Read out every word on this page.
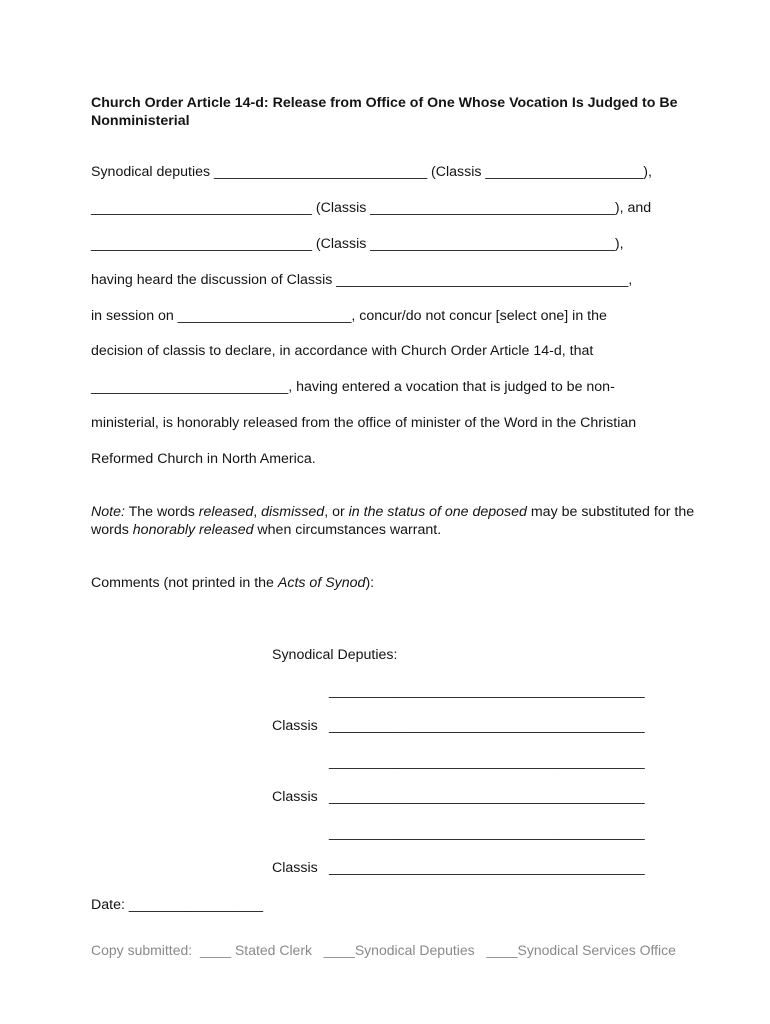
Church Order Article 14-d: Release from Office of One Whose Vocation Is Judged to Be Nonministerial
Synodical deputies ___________________________ (Classis ____________________),
____________________________ (Classis _______________________________), and
____________________________ (Classis _______________________________),
having heard the discussion of Classis _____________________________________,
in session on ______________________, concur/do not concur [select one] in the
decision of classis to declare, in accordance with Church Order Article 14-d, that
_________________________, having entered a vocation that is judged to be non-
ministerial, is honorably released from the office of minister of the Word in the Christian
Reformed Church in North America.
Note: The words released, dismissed, or in the status of one deposed may be substituted for the words honorably released when circumstances warrant.
Comments (not printed in the Acts of Synod):
Synodical Deputies:
________________________________________
Classis ________________________________________
________________________________________
Classis ________________________________________
________________________________________
Classis ________________________________________
Date: _________________
Copy submitted:  ____ Stated Clerk   ____Synodical Deputies   ____Synodical Services Office
